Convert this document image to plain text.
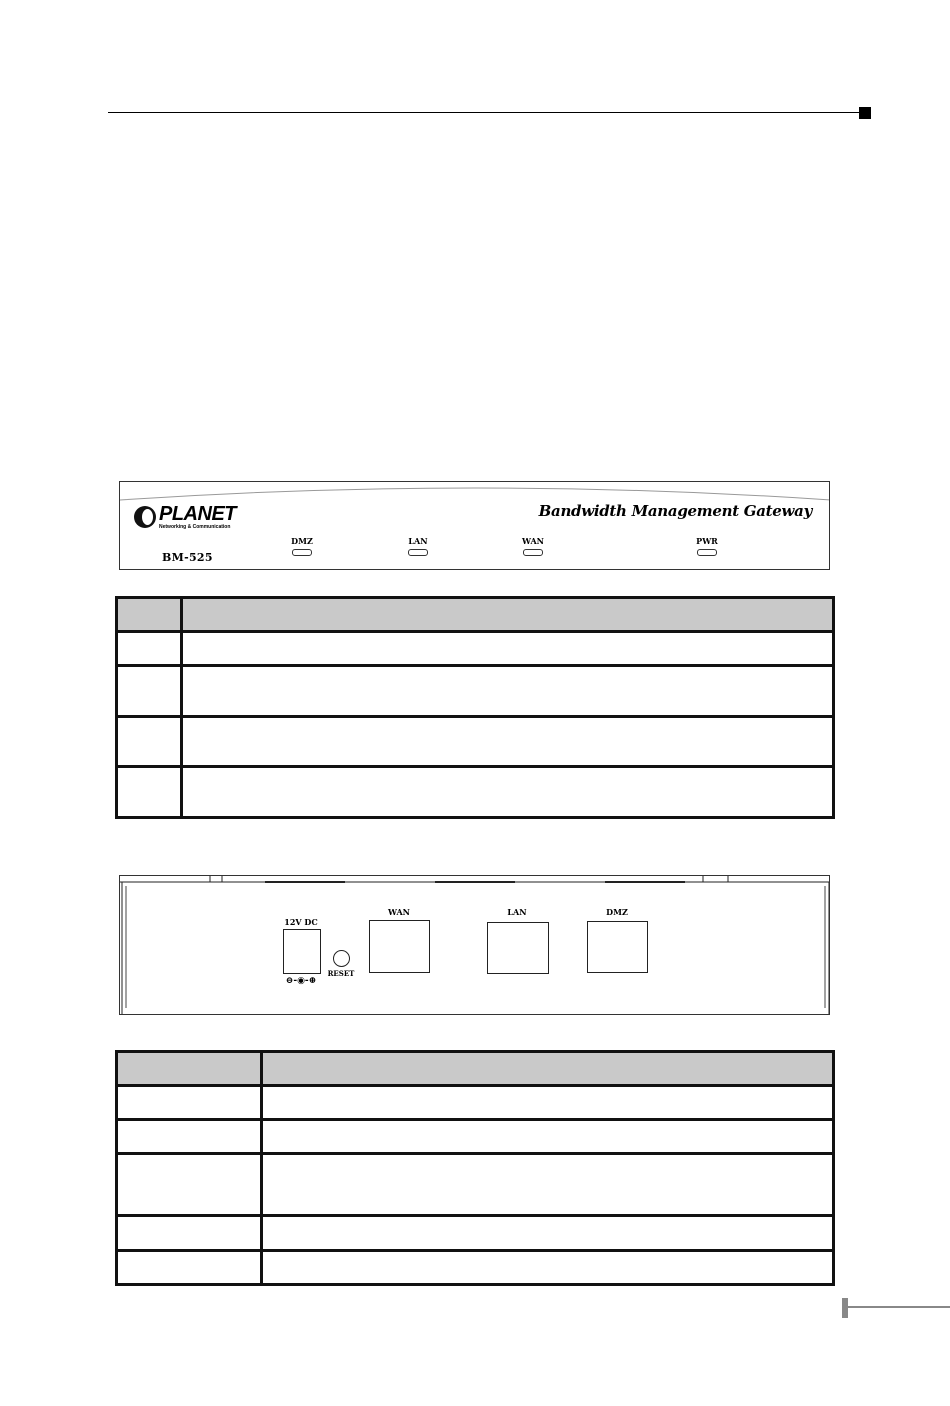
PLANET
Networking & Communication
Bandwidth Management Gateway
BM-525
DMZ	LAN	WAN	PWR

12V DC
⊖-◉-⊕
RESET
WAN	LAN	DMZ
